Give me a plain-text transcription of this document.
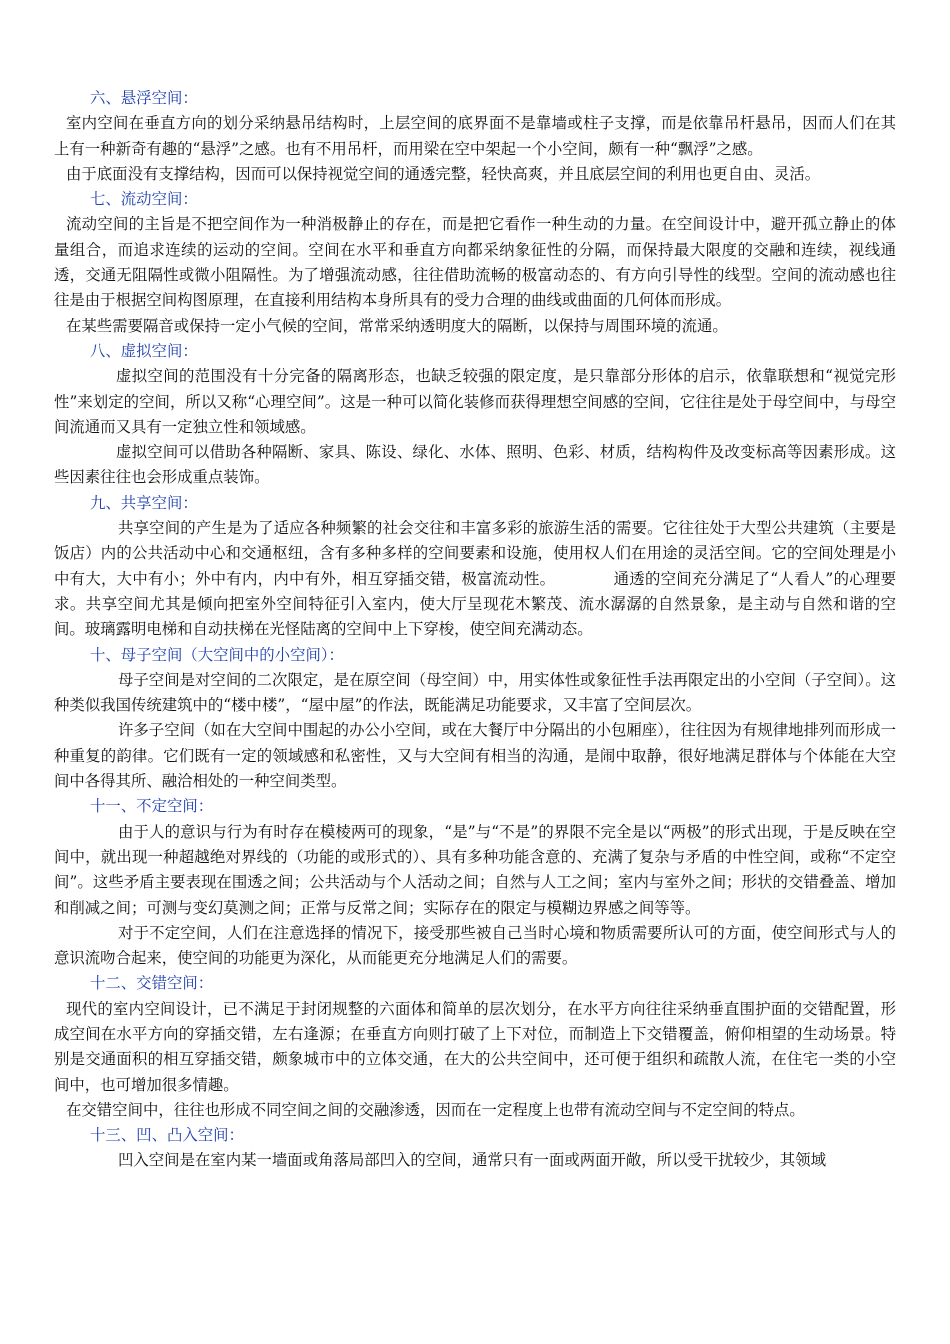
六、悬浮空间：
室内空间在垂直方向的划分采纳悬吊结构时，上层空间的底界面不是靠墙或柱子支撑，而是依靠吊杆悬吊，因而人们在其上有一种新奇有趣的“悬浮”之感。也有不用吊杆，而用梁在空中架起一个小空间，颇有一种“飘浮”之感。
由于底面没有支撑结构，因而可以保持视觉空间的通透完整，轻快高爽，并且底层空间的利用也更自由、灵活。
七、流动空间：
流动空间的主旨是不把空间作为一种消极静止的存在，而是把它看作一种生动的力量。在空间设计中，避开孤立静止的体量组合，而追求连续的运动的空间。空间在水平和垂直方向都采纳象征性的分隔，而保持最大限度的交融和连续，视线通透，交通无阻隔性或微小阻隔性。为了增强流动感，往往借助流畅的极富动态的、有方向引导性的线型。空间的流动感也往往是由于根据空间构图原理，在直接利用结构本身所具有的受力合理的曲线或曲面的几何体而形成。
在某些需要隔音或保持一定小气候的空间，常常采纳透明度大的隔断，以保持与周围环境的流通。
八、虚拟空间：
虚拟空间的范围没有十分完备的隔离形态，也缺乏较强的限定度，是只靠部分形体的启示，依靠联想和“视觉完形性”来划定的空间，所以又称“心理空间”。这是一种可以简化装修而获得理想空间感的空间，它往往是处于母空间中，与母空间流通而又具有一定独立性和领域感。
虚拟空间可以借助各种隔断、家具、陈设、绿化、水体、照明、色彩、材质，结构构件及改变标高等因素形成。这些因素往往也会形成重点装饰。
九、共享空间：
共享空间的产生是为了适应各种频繁的社会交往和丰富多彩的旅游生活的需要。它往往处于大型公共建筑（主要是饭店）内的公共活动中心和交通枢纽，含有多种多样的空间要素和设施，使用权人们在用途的灵活空间。它的空间处理是小中有大，大中有小；外中有内，内中有外，相互穿插交错，极富流动性。	通透的空间充分满足了“人看人”的心理要求。共享空间尤其是倾向把室外空间特征引入室内，使大厅呈现花木繁茂、流水潺潺的自然景象，是主动与自然和谐的空间。玻璃露明电梯和自动扶梯在光怪陆离的空间中上下穿梭，使空间充满动态。
十、母子空间（大空间中的小空间）：
母子空间是对空间的二次限定，是在原空间（母空间）中，用实体性或象征性手法再限定出的小空间（子空间）。这种类似我国传统建筑中的“楼中楼”，“屋中屋”的作法，既能满足功能要求，又丰富了空间层次。
许多子空间（如在大空间中围起的办公小空间，或在大餐厅中分隔出的小包厢座），往往因为有规律地排列而形成一种重复的韵律。它们既有一定的领域感和私密性，又与大空间有相当的沟通，是闹中取静，很好地满足群体与个体能在大空间中各得其所、融洽相处的一种空间类型。
十一、不定空间：
由于人的意识与行为有时存在模棱两可的现象，“是”与“不是”的界限不完全是以“两极”的形式出现，于是反映在空间中，就出现一种超越绝对界线的（功能的或形式的）、具有多种功能含意的、充满了复杂与矛盾的中性空间，或称“不定空间”。这些矛盾主要表现在围透之间；公共活动与个人活动之间；自然与人工之间；室内与室外之间；形状的交错叠盖、增加和削减之间；可测与变幻莫测之间；正常与反常之间；实际存在的限定与模糊边界感之间等等。
对于不定空间，人们在注意选择的情况下，接受那些被自己当时心境和物质需要所认可的方面，使空间形式与人的意识流吻合起来，使空间的功能更为深化，从而能更充分地满足人们的需要。
十二、交错空间：
现代的室内空间设计，已不满足于封闭规整的六面体和简单的层次划分，在水平方向往往采纳垂直围护面的交错配置，形成空间在水平方向的穿插交错，左右逢源；在垂直方向则打破了上下对位，而制造上下交错覆盖，俯仰相望的生动场景。特别是交通面积的相互穿插交错，颇象城市中的立体交通，在大的公共空间中，还可便于组织和疏散人流，在住宅一类的小空间中，也可增加很多情趣。
在交错空间中，往往也形成不同空间之间的交融渗透，因而在一定程度上也带有流动空间与不定空间的特点。
十三、凹、凸入空间：
凹入空间是在室内某一墙面或角落局部凹入的空间，通常只有一面或两面开敞，所以受干扰较少，其领域
